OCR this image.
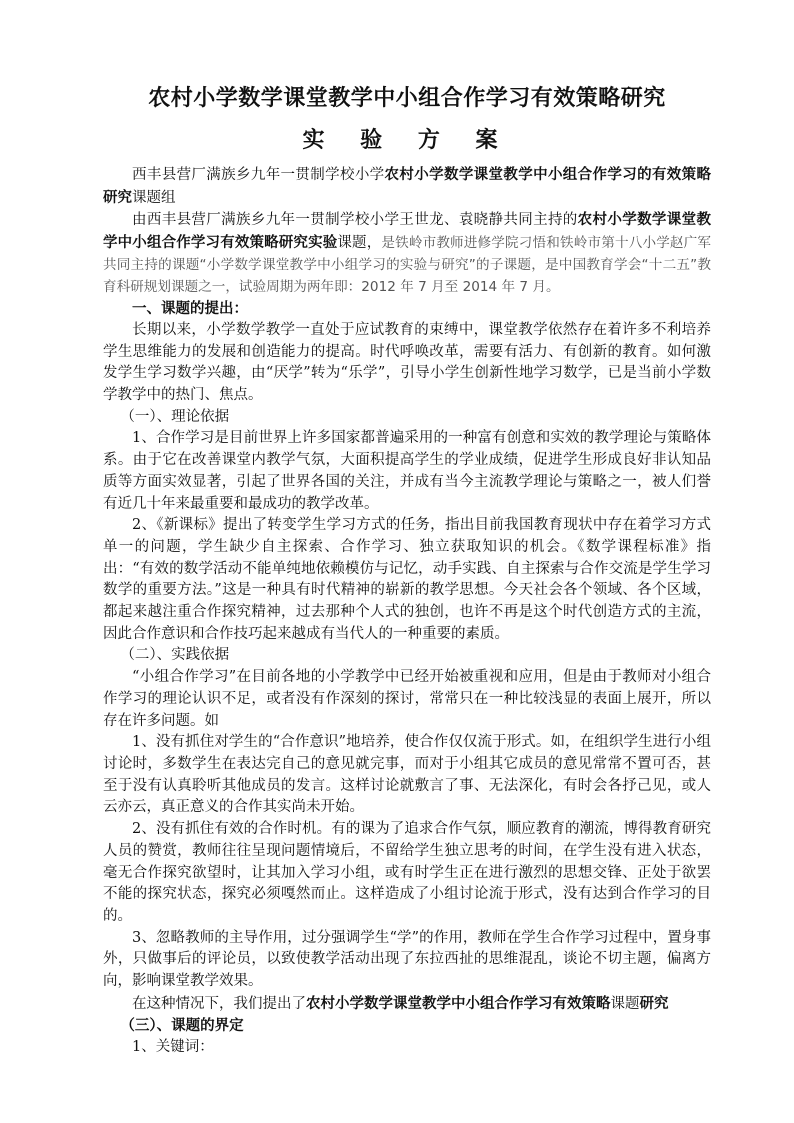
农村小学数学课堂教学中小组合作学习有效策略研究
实 验 方 案

西丰县营厂满族乡九年一贯制学校小学农村小学数学课堂教学中小组合作学习的有效策略研究课题组

由西丰县营厂满族乡九年一贯制学校小学王世龙、袁晓静共同主持的农村小学数学课堂教学中小组合作学习有效策略研究实验课题，是铁岭市教师进修学院刁悟和铁岭市第十八小学赵广军共同主持的课题“小学数学课堂教学中小组学习的实验与研究”的子课题，是中国教育学会“十二五”教育科研规划课题之一，试验周期为两年即：2012 年 7 月至 2014 年 7 月。

一、课题的提出：

长期以来，小学数学教学一直处于应试教育的束缚中，课堂教学依然存在着许多不利培养学生思维能力的发展和创造能力的提高。时代呼唤改革，需要有活力、有创新的教育。如何激发学生学习数学兴趣，由“厌学”转为“乐学”，引导小学生创新性地学习数学，已是当前小学数学教学中的热门、焦点。

（一）、理论依据

1、合作学习是目前世界上许多国家都普遍采用的一种富有创意和实效的教学理论与策略体系。由于它在改善课堂内教学气氛，大面积提高学生的学业成绩，促进学生形成良好非认知品质等方面实效显著，引起了世界各国的关注，并成有当今主流教学理论与策略之一，被人们誉有近几十年来最重要和最成功的教学改革。

2、《新课标》提出了转变学生学习方式的任务，指出目前我国教育现状中存在着学习方式单一的问题，学生缺少自主探索、合作学习、独立获取知识的机会。《数学课程标准》指出：“有效的数学活动不能单纯地依赖模仿与记忆，动手实践、自主探索与合作交流是学生学习数学的重要方法。”这是一种具有时代精神的崭新的教学思想。今天社会各个领域、各个区域，都起来越注重合作探究精神，过去那种个人式的独创，也许不再是这个时代创造方式的主流，因此合作意识和合作技巧起来越成有当代人的一种重要的素质。

（二）、实践依据

“小组合作学习”在目前各地的小学教学中已经开始被重视和应用，但是由于教师对小组合作学习的理论认识不足，或者没有作深刻的探讨，常常只在一种比较浅显的表面上展开，所以存在许多问题。如

1、没有抓住对学生的“合作意识”地培养，使合作仅仅流于形式。如，在组织学生进行小组讨论时，多数学生在表达完自己的意见就完事，而对于小组其它成员的意见常常不置可否，甚至于没有认真聆听其他成员的发言。这样讨论就敷言了事、无法深化，有时会各抒己见，或人云亦云，真正意义的合作其实尚未开始。

2、没有抓住有效的合作时机。有的课为了追求合作气氛，顺应教育的潮流，博得教育研究人员的赞赏，教师往往呈现问题情境后，不留给学生独立思考的时间，在学生没有进入状态，毫无合作探究欲望时，让其加入学习小组，或有时学生正在进行激烈的思想交锋、正处于欲罢不能的探究状态，探究必须嘎然而止。这样造成了小组讨论流于形式，没有达到合作学习的目的。

3、忽略教师的主导作用，过分强调学生“学”的作用，教师在学生合作学习过程中，置身事外，只做事后的评论员，以致使教学活动出现了东拉西扯的思维混乱，谈论不切主题，偏离方向，影响课堂教学效果。

在这种情况下，我们提出了农村小学数学课堂教学中小组合作学习有效策略课题研究

（三）、课题的界定

1、关键词：
